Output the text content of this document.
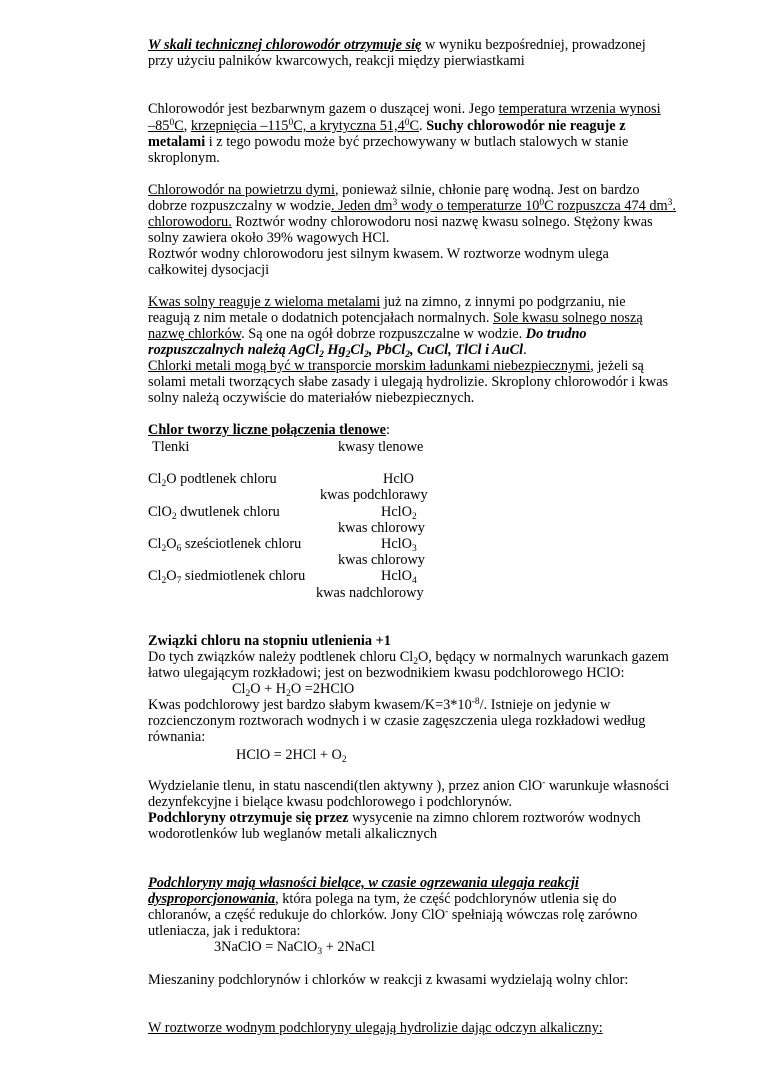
W skali technicznej chlorowodór otrzymuje się w wyniku bezpośredniej, prowadzonej
przy użyciu palników kwarcowych, reakcji między pierwiastkami
Chlorowodór jest bezbarwnym gazem o duszącej woni. Jego temperatura wrzenia wynosi
$-85^0C$, krzepnięcia $-115^0C$, a krytyczna 51,4$^0$C. Suchy chlorowodór nie reaguje z
metalami i z tego powodu może być przechowywany w butlach stalowych w stanie
skroplonym.
Chlorowodór na powietrzu dymi, ponieważ silnie, chłonie parę wodną. Jest on bardzo
dobrze rozpuszczalny w wodzie. Jeden $dm^3$ wody o temperaturze $10^0C$ rozpuszcza 474 $dm^3$.
chlorowodoru. Roztwór wodny chlorowodoru nosi nazwę kwasu solnego. Stężony kwas
solny zawiera około 39% wagowych HCl.
Roztwór wodny chlorowodoru jest silnym kwasem. W roztworze wodnym ulega
całkowitej dysocjacji
Kwas solny reaguje z wieloma metalami już na zimno, z innymi po podgrzaniu, nie
reagują z nim metale o dodatnich potencjałach normalnych. Sole kwasu solnego noszą
nazwę chlorków. Są one na ogół dobrze rozpuszczalne w wodzie. Do trudno
rozpuszczalnych należą AgCl$_2$ $Hg_2Cl_2$, PbCl$_2$, CuCl, TlCl i AuCl.
Chlorki metali mogą być w transporcie morskim ładunkami niebezpiecznymi, jeżeli są
solami metali tworzących słabe zasady i ulegają hydrolizie. Skroplony chlorowodór i kwas
solny należą oczywiście do materiałów niebezpiecznych.
Chlor tworzy liczne połączenia tlenowe:
Tlenki	kwasy tlenowe
$Cl_2O$ podtlenek chloru	HclO
kwas podchlorawy
ClO$_2$ dwutlenek chloru	HclO$_2$
kwas chlorowy
$Cl_2O_6$ sześciotlenek chloru	HclO$_3$
kwas chlorowy
$Cl_2O_7$ siedmiotlenek chloru	HclO$_4$
kwas nadchlorowy
Związki chloru na stopniu utlenienia +1
Do tych związków należy podtlenek chloru $Cl_2O$, będący w normalnych warunkach gazem
łatwo ulegającym rozkładowi; jest on bezwodnikiem kwasu podchlorowego HClO:
$Cl_2O + H_2O$ =2HClO
Kwas podchlorowy jest bardzo słabym kwasem/$K=3*10^{-8}/$. Istnieje on jedynie w
rozcienczonym roztworach wodnych i w czasie zagęszczenia ulega rozkładowi według
równania:
HClO = $2HCl + O_2$
Wydzielanie tlenu, in statu nascendi(tlen aktywny ), przez anion ClO- warunkuje własności
dezynfekcyjne i bielące kwasu podchlorowego i podchlorynów.
Podchloryny otrzymuje się przez wysycenie na zimno chlorem roztworów wodnych
wodorotlenków lub weglanów metali alkalicznych
Podchloryny mają własności bielące, w czasie ogrzewania ulegaja reakcji
dysproporcjonowania, która polega na tym, że część podchlorynów utlenia się do
chloranów, a część redukuje do chlorków. Jony ClO- spełniają wówczas rolę zarówno
utleniacza, jak i reduktora:
3NaClO = NaClO$_3$ + 2NaCl
Mieszaniny podchlorynów i chlorków w reakcji z kwasami wydzielają wolny chlor:
W roztworze wodnym podchloryny ulegają hydrolizie dając odczyn alkaliczny:
